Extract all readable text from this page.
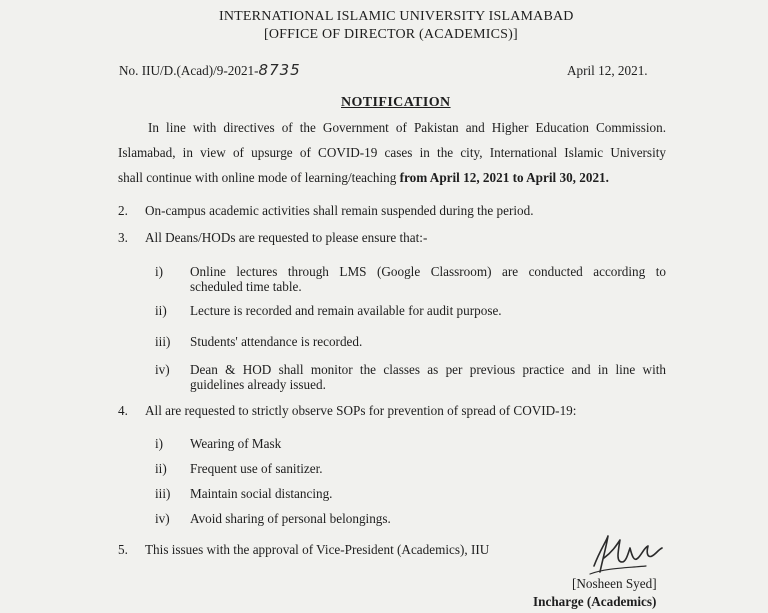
INTERNATIONAL ISLAMIC UNIVERSITY ISLAMABAD
[OFFICE OF DIRECTOR (ACADEMICS)]
No. IIU/D.(Acad)/9-2021-8735	April 12, 2021.
NOTIFICATION
In line with directives of the Government of Pakistan and Higher Education Commission.
Islamabad, in view of upsurge of COVID-19 cases in the city, International Islamic University
shall continue with online mode of learning/teaching from April 12, 2021 to April 30, 2021.
2. On-campus academic activities shall remain suspended during the period.
3. All Deans/HODs are requested to please ensure that:-
i) Online lectures through LMS (Google Classroom) are conducted according to
scheduled time table.
ii) Lecture is recorded and remain available for audit purpose.
iii) Students' attendance is recorded.
iv) Dean & HOD shall monitor the classes as per previous practice and in line with
guidelines already issued.
4. All are requested to strictly observe SOPs for prevention of spread of COVID-19:
i) Wearing of Mask
ii) Frequent use of sanitizer.
iii) Maintain social distancing.
iv) Avoid sharing of personal belongings.
5. This issues with the approval of Vice-President (Academics), IIU
[Nosheen Syed]
Incharge (Academics)
